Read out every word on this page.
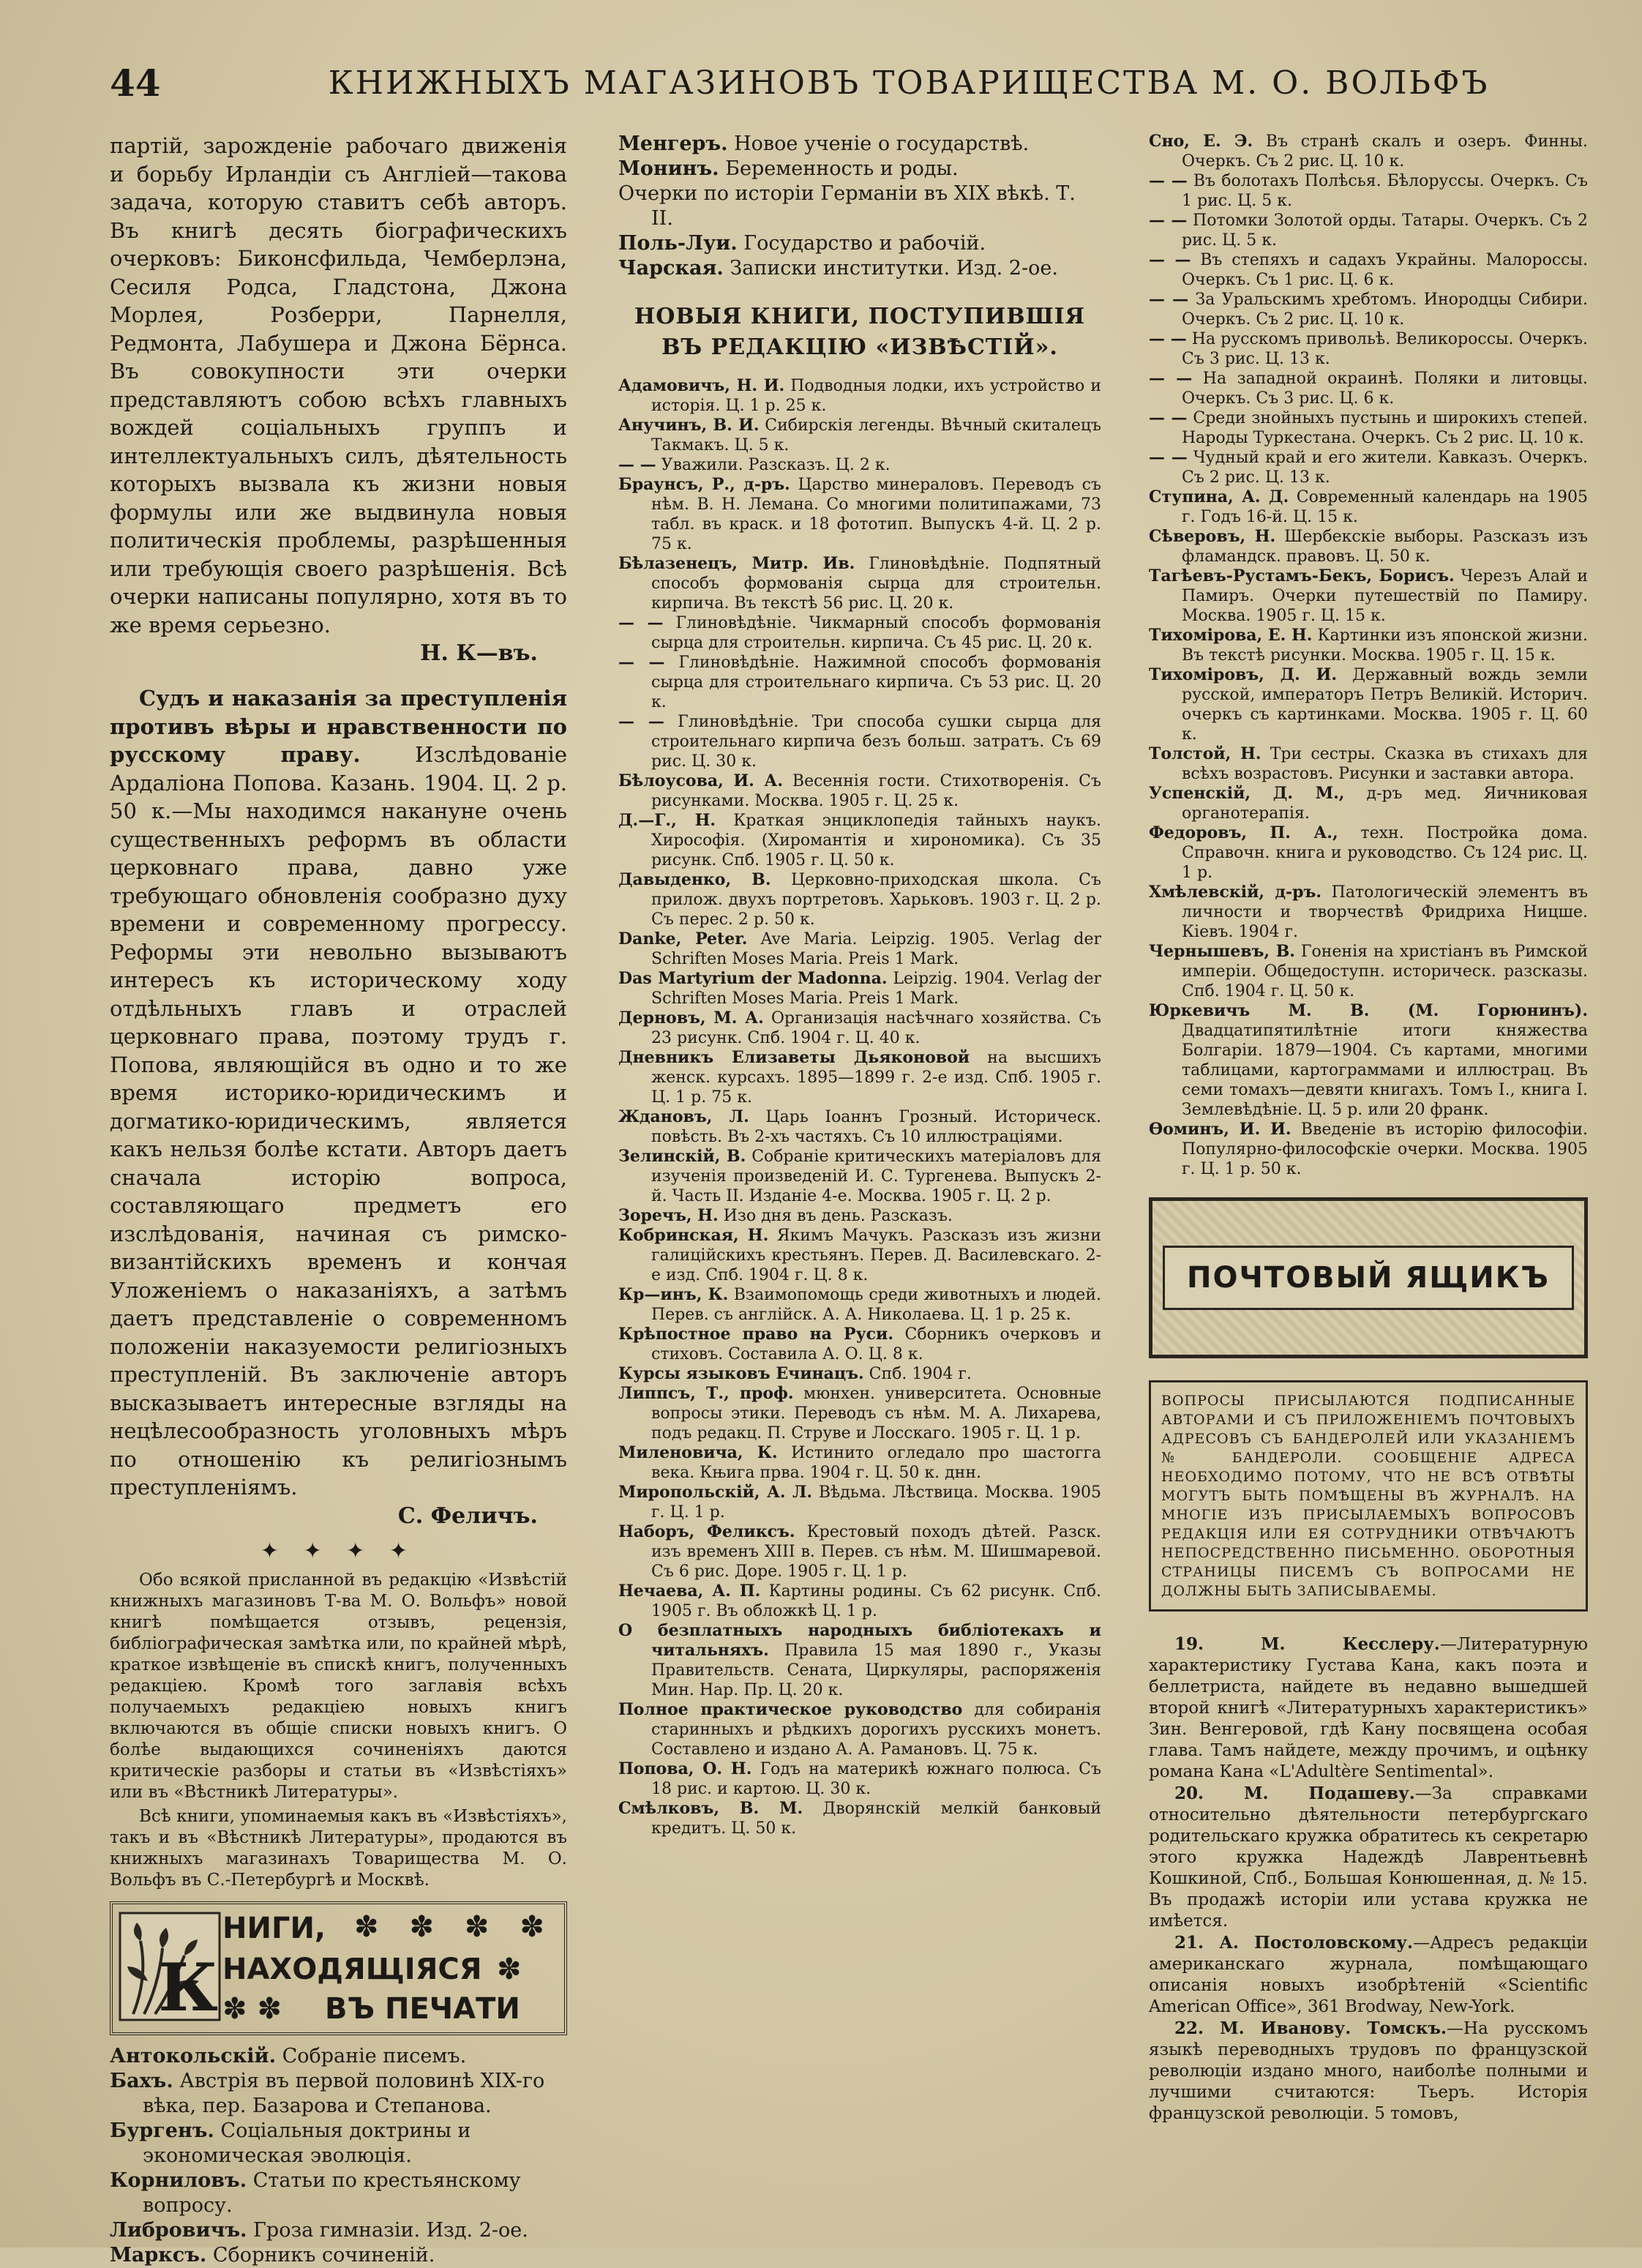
44	КНИЖНЫХЪ МАГАЗИНОВЪ ТОВАРИЩЕСТВА М. О. ВОЛЬФЪ

партій, зарожденіе рабочаго движенія и борьбу Ирландіи съ Англіей—такова задача, которую ставитъ себѣ авторъ. Въ книгѣ десять біографическихъ очерковъ: Биконсфильда, Чемберлэна, Сесиля Родса, Гладстона, Джона Морлея, Розберри, Парнелля, Редмонта, Лабушера и Джона Бёрнса. Въ совокупности эти очерки представляютъ собою всѣхъ главныхъ вождей соціальныхъ группъ и интеллектуальныхъ силъ, дѣятельность которыхъ вызвала къ жизни новыя формулы или же выдвинула новыя политическія проблемы, разрѣшенныя или требующія своего разрѣшенія. Всѣ очерки написаны популярно, хотя въ то же время серьезно.

Н. К—въ.

Судъ и наказанія за преступленія противъ вѣры и нравственности по русскому праву.	Изслѣдованіе Ардаліона Попова. Казань. 1904. Ц. 2 р. 50 к.—Мы находимся накануне очень существенныхъ реформъ въ области церковнаго права, давно уже требующаго обновленія сообразно духу времени и современному прогрессу. Реформы эти невольно вызываютъ интересъ къ историческому ходу отдѣльныхъ главъ и отраслей церковнаго права, поэтому трудъ г. Попова, являющійся въ одно и то же время историко-юридическимъ и догматико-юридическимъ, является какъ нельзя болѣе кстати. Авторъ даетъ сначала исторію вопроса, составляющаго предметъ его изслѣдованія, начиная съ римско-византійскихъ временъ и кончая Уложеніемъ о наказаніяхъ, а затѣмъ даетъ представленіе о современномъ положеніи наказуемости религіозныхъ преступленій. Въ заключеніе авторъ высказываетъ интересные взгляды на нецѣлесообразность уголовныхъ мѣръ по отношенію къ религіознымъ преступленіямъ.

С. Феличъ.
✦ ✦ ✦ ✦

Обо всякой присланной въ редакцію «Извѣстій книжныхъ магазиновъ Т-ва М. О. Вольфъ» новой книгѣ помѣщается отзывъ, рецензія, библіографическая замѣтка или, по крайней мѣрѣ, краткое извѣщеніе въ спискѣ книгъ, полученныхъ редакціею. Кромѣ того заглавія всѣхъ получаемыхъ редакціею новыхъ книгъ включаются въ общіе списки новыхъ книгъ. О болѣе выдающихся сочиненіяхъ даются критическіе разборы и статьи въ «Извѣстіяхъ» или въ «Вѣстникѣ Литературы».

Всѣ книги, упоминаемыя какъ въ «Извѣстіяхъ», такъ и въ «Вѣстникѣ Литературы», продаются въ книжныхъ магазинахъ Товарищества М. О. Вольфъ въ С.-Петербургѣ и Москвѣ.

К
НИГИ, ✽ ✽ ✽ ✽
НАХОДЯЩІЯСЯ ✽
✽ ✽ ВЪ ПЕЧАТИ

Антокольскій. Собраніе писемъ.

Бахъ. Австрія въ первой половинѣ XIX-го вѣка, пер. Базарова и Степанова.

Бургенъ. Соціальныя доктрины и экономическая эволюція.

Корниловъ. Статьи по крестьянскому вопросу.

Либровичъ. Гроза гимназіи. Изд. 2-ое.

Марксъ. Сборникъ сочиненій.

Менгеръ. Новое ученіе о государствѣ.

Монинъ. Беременность и роды.

Очерки по исторіи Германіи въ XIX вѣкѣ. Т. II.

Поль-Луи. Государство и рабочій.

Чарская. Записки институтки. Изд. 2-ое.

НОВЫЯ КНИГИ, ПОСТУПИВШІЯ ВЪ РЕДАКЦІЮ «ИЗВѢСТІЙ».

Адамовичъ, Н. И. Подводныя лодки, ихъ устройство и исторія. Ц. 1 р. 25 к.

Анучинъ, В. И. Сибирскія легенды. Вѣчный скиталецъ Такмакъ. Ц. 5 к.

— — Уважили. Разсказъ. Ц. 2 к.

Браунсъ, Р., д-ръ. Царство минераловъ. Переводъ съ нѣм. В. Н. Лемана. Со многими политипажами, 73 табл. въ краск. и 18 фототип. Выпускъ 4-й. Ц. 2 р. 75 к.

Бѣлазенецъ, Митр. Ив. Глиновѣдѣніе. Подпятный способъ формованія сырца для строительн. кирпича. Въ текстѣ 56 рис. Ц. 20 к.

— — Глиновѣдѣніе. Чикмарный способъ формованія сырца для строительн. кирпича. Съ 45 рис. Ц. 20 к.

— — Глиновѣдѣніе. Нажимной способъ формованія сырца для строительнаго кирпича. Съ 53 рис. Ц. 20 к.

— — Глиновѣдѣніе. Три способа сушки сырца для строительнаго кирпича безъ больш. затратъ. Съ 69 рис. Ц. 30 к.

Бѣлоусова, И. А. Весеннія гости. Стихотворенія. Съ рисунками. Москва. 1905 г. Ц. 25 к.

Д.—Г., Н. Краткая энциклопедія тайныхъ наукъ. Хирософія. (Хиромантія и хирономика). Съ 35 рисунк. Спб. 1905 г. Ц. 50 к.

Давыденко, В. Церковно-приходская школа. Съ прилож. двухъ портретовъ. Харьковъ. 1903 г. Ц. 2 р. Съ перес. 2 р. 50 к.

Danke, Peter. Ave Maria. Leipzig. 1905. Verlag der Schriften Moses Maria. Preis 1 Mark.

Das Martyrium der Madonna. Leipzig. 1904. Verlag der Schriften Moses Maria. Preis 1 Mark.

Дерновъ, М. А. Организація насѣчнаго хозяйства. Съ 23 рисунк. Спб. 1904 г. Ц. 40 к.

Дневникъ Елизаветы Дьяконовой на высшихъ женск. курсахъ. 1895—1899 г. 2-е изд. Спб. 1905 г. Ц. 1 р. 75 к.

Ждановъ, Л. Царь Іоаннъ Грозный. Историческ. повѣсть. Въ 2-хъ частяхъ. Съ 10 иллюстраціями.

Зелинскій, В. Собраніе критическихъ матеріаловъ для изученія произведеній И. С. Тургенева. Выпускъ 2-й. Часть II. Изданіе 4-е. Москва. 1905 г. Ц. 2 р.

Зоречъ, Н. Изо дня въ день. Разсказъ.

Кобринская, Н. Якимъ Мачукъ. Разсказъ изъ жизни галиційскихъ крестьянъ. Перев. Д. Василевскаго. 2-е изд. Спб. 1904 г. Ц. 8 к.

Кр—инъ, К. Взаимопомощь среди животныхъ и людей. Перев. съ англійск. А. А. Николаева. Ц. 1 р. 25 к.

Крѣпостное право на Руси. Сборникъ очерковъ и стиховъ. Составила А. О. Ц. 8 к.

Курсы языковъ Ечинацъ. Спб. 1904 г.

Липпсъ, Т., проф. мюнхен. университета. Основные вопросы этики. Переводъ съ нѣм. М. А. Лихарева, подъ редакц. П. Струве и Лосскаго. 1905 г. Ц. 1 р.

Миленовича, К. Истинито огледало про шастогга века. Књига прва. 1904 г. Ц. 50 к. днн.

Миропольскій, А. Л. Вѣдьма. Лѣствица. Москва. 1905 г. Ц. 1 р.

Наборъ, Феликсъ. Крестовый походъ дѣтей. Разск. изъ временъ XIII в. Перев. съ нѣм. М. Шишмаревой. Съ 6 рис. Доре. 1905 г. Ц. 1 р.

Нечаева, А. П. Картины родины. Съ 62 рисунк. Спб. 1905 г. Въ обложкѣ Ц. 1 р.

О безплатныхъ народныхъ библіотекахъ и читальняхъ. Правила 15 мая 1890 г., Указы Правительств. Сената, Циркуляры, распоряженія Мин. Нар. Пр. Ц. 20 к.

Полное практическое руководство для собиранія старинныхъ и рѣдкихъ дорогихъ русскихъ монетъ. Составлено и издано А. А. Рамановъ. Ц. 75 к.

Попова, О. Н. Годъ на материкѣ южнаго полюса. Съ 18 рис. и картою. Ц. 30 к.

Смѣлковъ, В. М. Дворянскій мелкій банковый кредитъ. Ц. 50 к.

Сно, Е. Э. Въ странѣ скалъ и озеръ. Финны. Очеркъ. Съ 2 рис. Ц. 10 к.

— — Въ болотахъ Полѣсья. Бѣлоруссы. Очеркъ. Съ 1 рис. Ц. 5 к.

— — Потомки Золотой орды. Татары. Очеркъ. Съ 2 рис. Ц. 5 к.

— — Въ степяхъ и садахъ Украйны. Малороссы. Очеркъ. Съ 1 рис. Ц. 6 к.

— — За Уральскимъ хребтомъ. Инородцы Сибири. Очеркъ. Съ 2 рис. Ц. 10 к.

— — На русскомъ привольѣ. Великороссы. Очеркъ. Съ 3 рис. Ц. 13 к.

— — На западной окраинѣ. Поляки и литовцы. Очеркъ. Съ 3 рис. Ц. 6 к.

— — Среди знойныхъ пустынь и широкихъ степей. Народы Туркестана. Очеркъ. Съ 2 рис. Ц. 10 к.

— — Чудный край и его жители. Кавказъ. Очеркъ. Съ 2 рис. Ц. 13 к.

Ступина, А. Д. Современный календарь на 1905 г. Годъ 16-й. Ц. 15 к.

Сѣверовъ, Н. Шербекскіе выборы. Разсказъ изъ фламандск. правовъ. Ц. 50 к.

Тагѣевъ-Рустамъ-Бекъ, Борисъ. Черезъ Алай и Памиръ. Очерки путешествій по Памиру. Москва. 1905 г. Ц. 15 к.

Тихомірова, Е. Н. Картинки изъ японской жизни. Въ текстѣ рисунки. Москва. 1905 г. Ц. 15 к.

Тихоміровъ, Д. И. Державный вождь земли русской, императоръ Петръ Великій. Историч. очеркъ съ картинками. Москва. 1905 г. Ц. 60 к.

Толстой, Н. Три сестры. Сказка въ стихахъ для всѣхъ возрастовъ. Рисунки и заставки автора.

Успенскій, Д. М., д-ръ мед. Яичниковая органотерапія.

Федоровъ, П. А., техн. Постройка дома. Справочн. книга и руководство. Съ 124 рис. Ц. 1 р.

Хмѣлевскій, д-ръ. Патологическій элементъ въ личности и творчествѣ Фридриха Ницше. Кіевъ. 1904 г.

Чернышевъ, В. Гоненія на христіанъ въ Римской имперіи. Общедоступн. историческ. разсказы. Спб. 1904 г. Ц. 50 к.

Юркевичъ М. В. (М. Горюнинъ). Двадцатипятилѣтніе итоги княжества Болгаріи. 1879—1904. Съ картами, многими таблицами, картограммами и иллюстрац. Въ семи томахъ—девяти книгахъ. Томъ I., книга I. Землевѣдѣніе. Ц. 5 р. или 20 франк.

Ѳоминъ, И. И. Введеніе въ исторію философіи. Популярно-философскіе очерки. Москва. 1905 г. Ц. 1 р. 50 к.

ПОЧТОВЫЙ ЯЩИКЪ
ВОПРОСЫ ПРИСЫЛАЮТСЯ ПОДПИСАННЫЕ АВТОРАМИ И СЪ ПРИЛОЖЕНІЕМЪ ПОЧТОВЫХЪ АДРЕСОВЪ СЪ БАНДЕРОЛЕЙ ИЛИ УКАЗАНІЕМЪ № БАНДЕРОЛИ. СООБЩЕНІЕ АДРЕСА НЕОБХОДИМО ПОТОМУ, ЧТО НЕ ВСѢ ОТВѢТЫ МОГУТЪ БЫТЬ ПОМѢЩЕНЫ ВЪ ЖУРНАЛѢ. НА МНОГІЕ ИЗЪ ПРИСЫЛАЕМЫХЪ ВОПРОСОВЪ РЕДАКЦІЯ ИЛИ ЕЯ СОТРУДНИКИ ОТВѢЧАЮТЪ НЕПОСРЕДСТВЕННО ПИСЬМЕННО. ОБОРОТНЫЯ СТРАНИЦЫ ПИСЕМЪ СЪ ВОПРОСАМИ НЕ ДОЛЖНЫ БЫТЬ ЗАПИСЫВАЕМЫ.

19. М. Кесслеру.—Литературную характеристику Густава Кана, какъ поэта и беллетриста, найдете въ недавно вышедшей второй книгѣ «Литературныхъ характеристикъ» Зин. Венгеровой, гдѣ Кану посвящена особая глава. Тамъ найдете, между прочимъ, и оцѣнку романа Кана «L'Adultère Sentimental».

20. М. Подашеву.—За справками относительно дѣятельности петербургскаго родительскаго кружка обратитесь къ секретарю этого кружка Надеждѣ Лаврентьевнѣ Кошкиной, Спб., Большая Конюшенная, д. № 15. Въ продажѣ исторіи или устава кружка не имѣется.

21. А. Постоловскому.—Адресъ редакціи американскаго журнала, помѣщающаго описанія новыхъ изобрѣтеній «Scientific American Office», 361 Brodway, New-York.

22. М. Иванову. Томскъ.—На русскомъ языкѣ переводныхъ трудовъ по французской революціи издано много, наиболѣе полными и лучшими считаются: Тьеръ. Исторія французской революціи. 5 томовъ,
